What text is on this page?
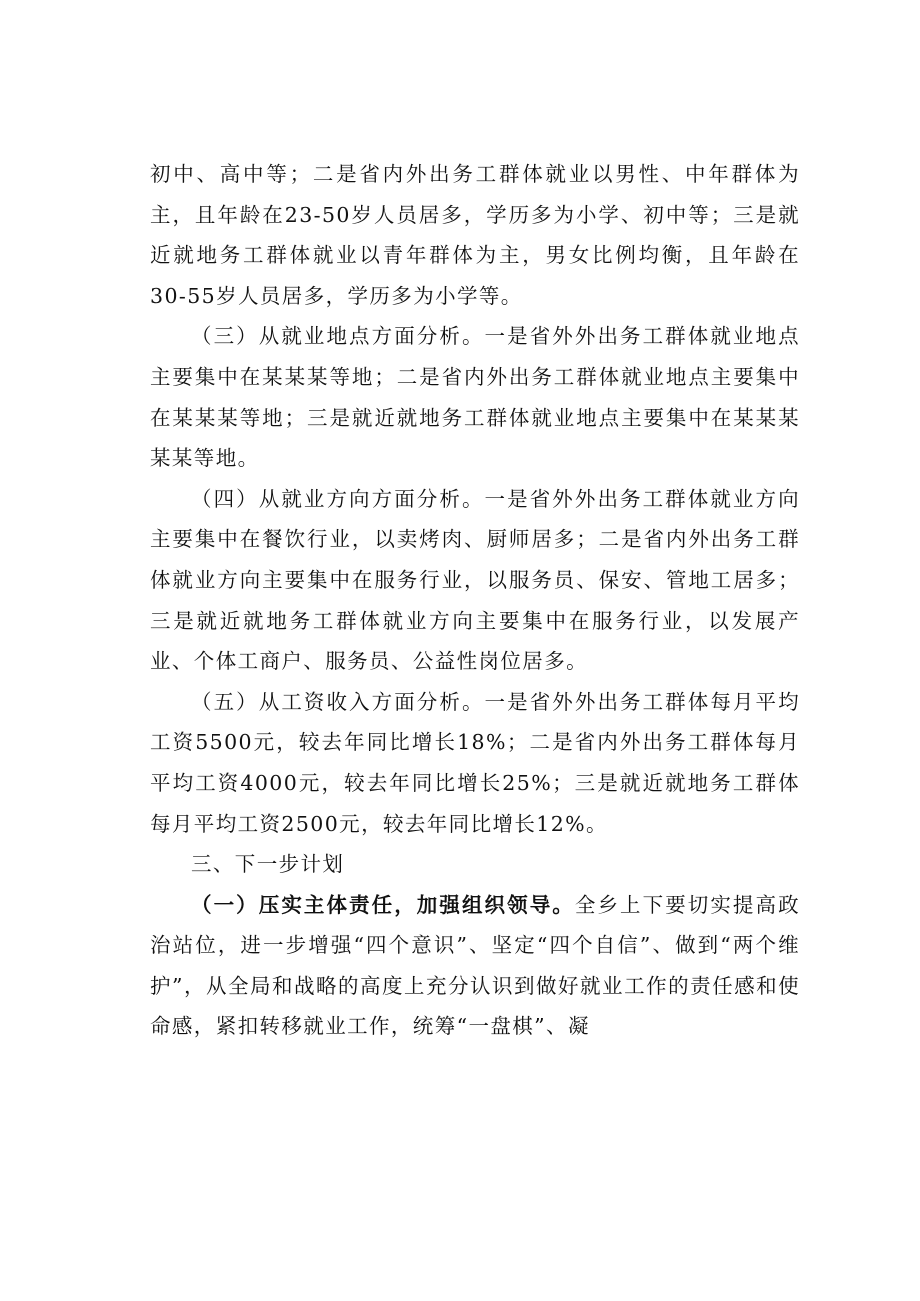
初中、高中等；二是省内外出务工群体就业以男性、中年群体为主，且年龄在23-50岁人员居多，学历多为小学、初中等；三是就近就地务工群体就业以青年群体为主，男女比例均衡，且年龄在30-55岁人员居多，学历多为小学等。

（三）从就业地点方面分析。一是省外外出务工群体就业地点主要集中在某某某等地；二是省内外出务工群体就业地点主要集中在某某某等地；三是就近就地务工群体就业地点主要集中在某某某某某等地。

（四）从就业方向方面分析。一是省外外出务工群体就业方向主要集中在餐饮行业，以卖烤肉、厨师居多；二是省内外出务工群体就业方向主要集中在服务行业，以服务员、保安、管地工居多；三是就近就地务工群体就业方向主要集中在服务行业，以发展产业、个体工商户、服务员、公益性岗位居多。

（五）从工资收入方面分析。一是省外外出务工群体每月平均工资5500元，较去年同比增长18%；二是省内外出务工群体每月平均工资4000元，较去年同比增长25%；三是就近就地务工群体每月平均工资2500元，较去年同比增长12%。

三、下一步计划

（一）压实主体责任，加强组织领导。全乡上下要切实提高政治站位，进一步增强“四个意识”、坚定“四个自信”、做到“两个维护”，从全局和战略的高度上充分认识到做好就业工作的责任感和使命感，紧扣转移就业工作，统筹“一盘棋”、凝
